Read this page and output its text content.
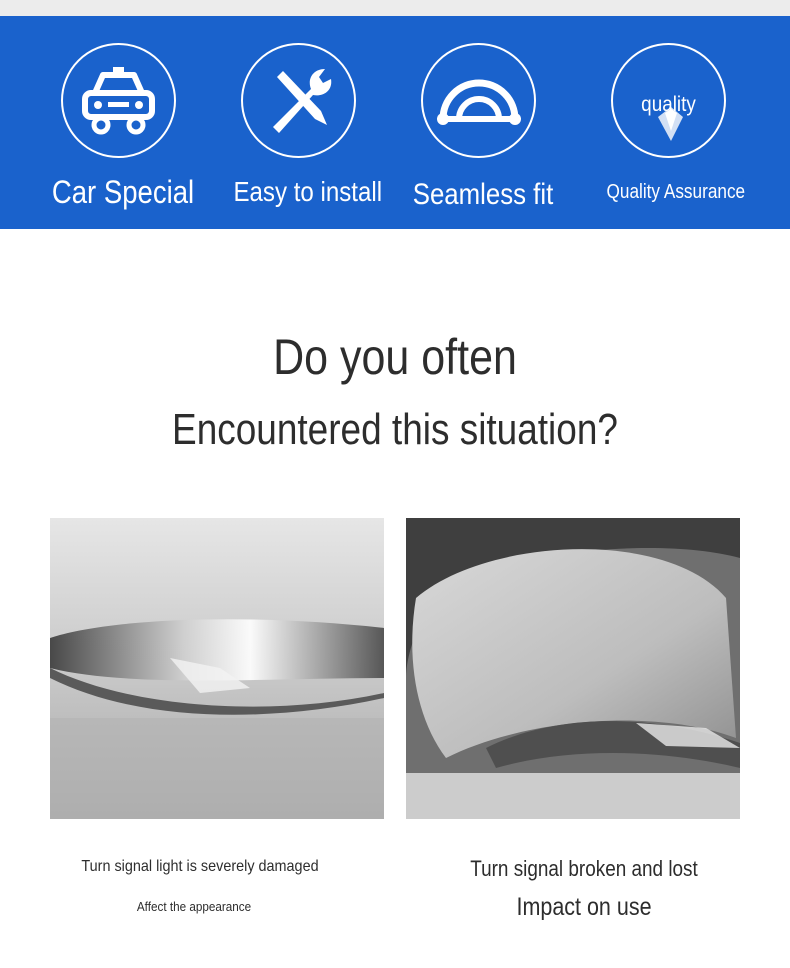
Car Special Easy to install Seamless fit
quality
Quality Assurance
Do you often
Encountered this situation?
Turn signal light is severely damaged
Affect the appearance
Turn signal broken and lost
Impact on use
